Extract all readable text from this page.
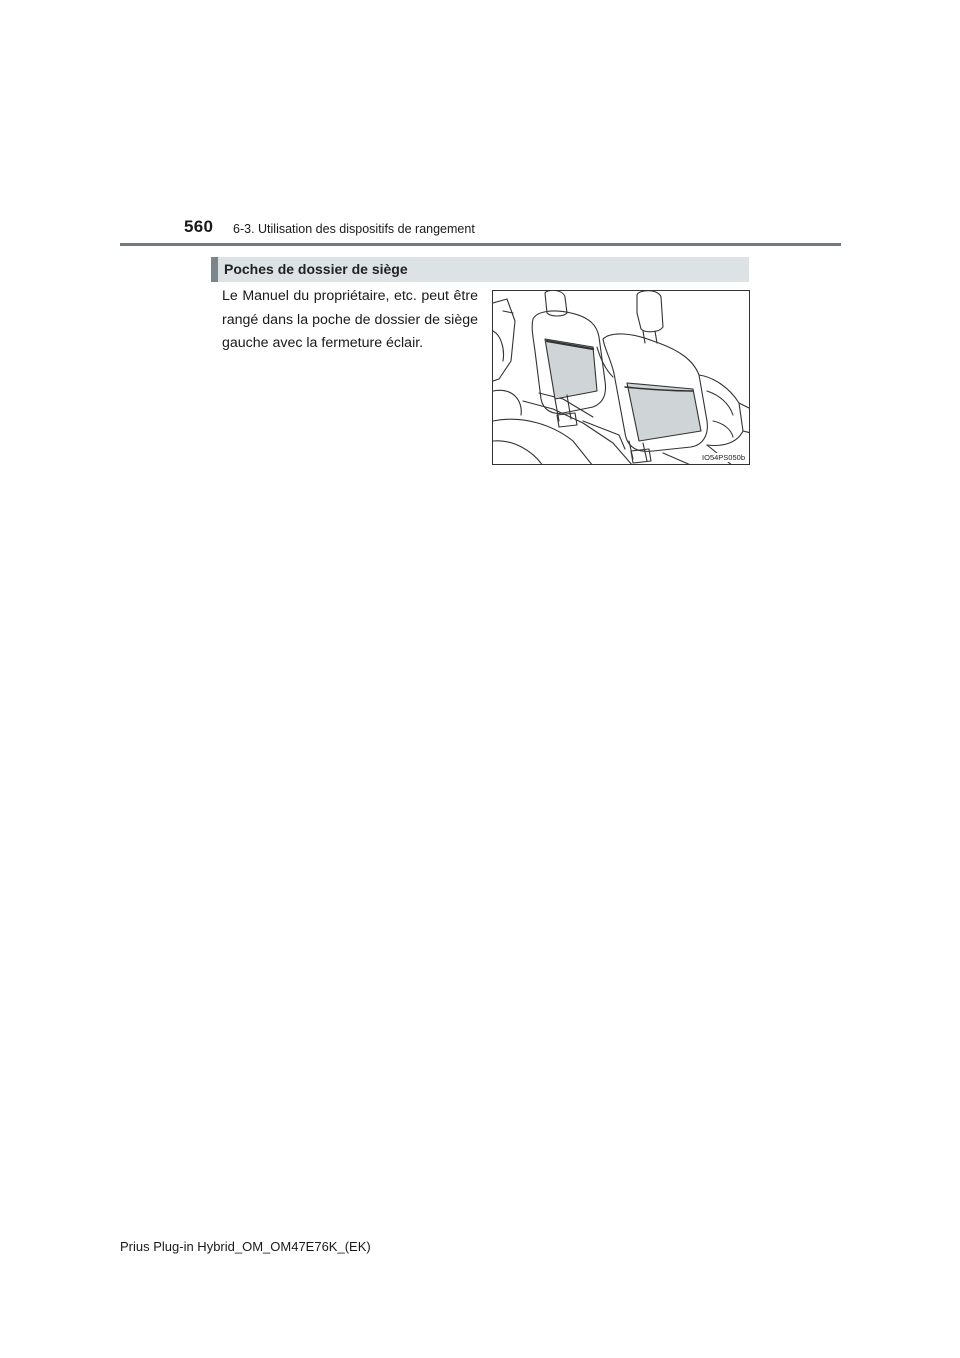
560 6-3. Utilisation des dispositifs de rangement
Poches de dossier de siège
Le Manuel du propriétaire, etc. peut être rangé dans la poche de dossier de siège gauche avec la fermeture éclair.
IO54PS050b
Prius Plug-in Hybrid_OM_OM47E76K_(EK)
